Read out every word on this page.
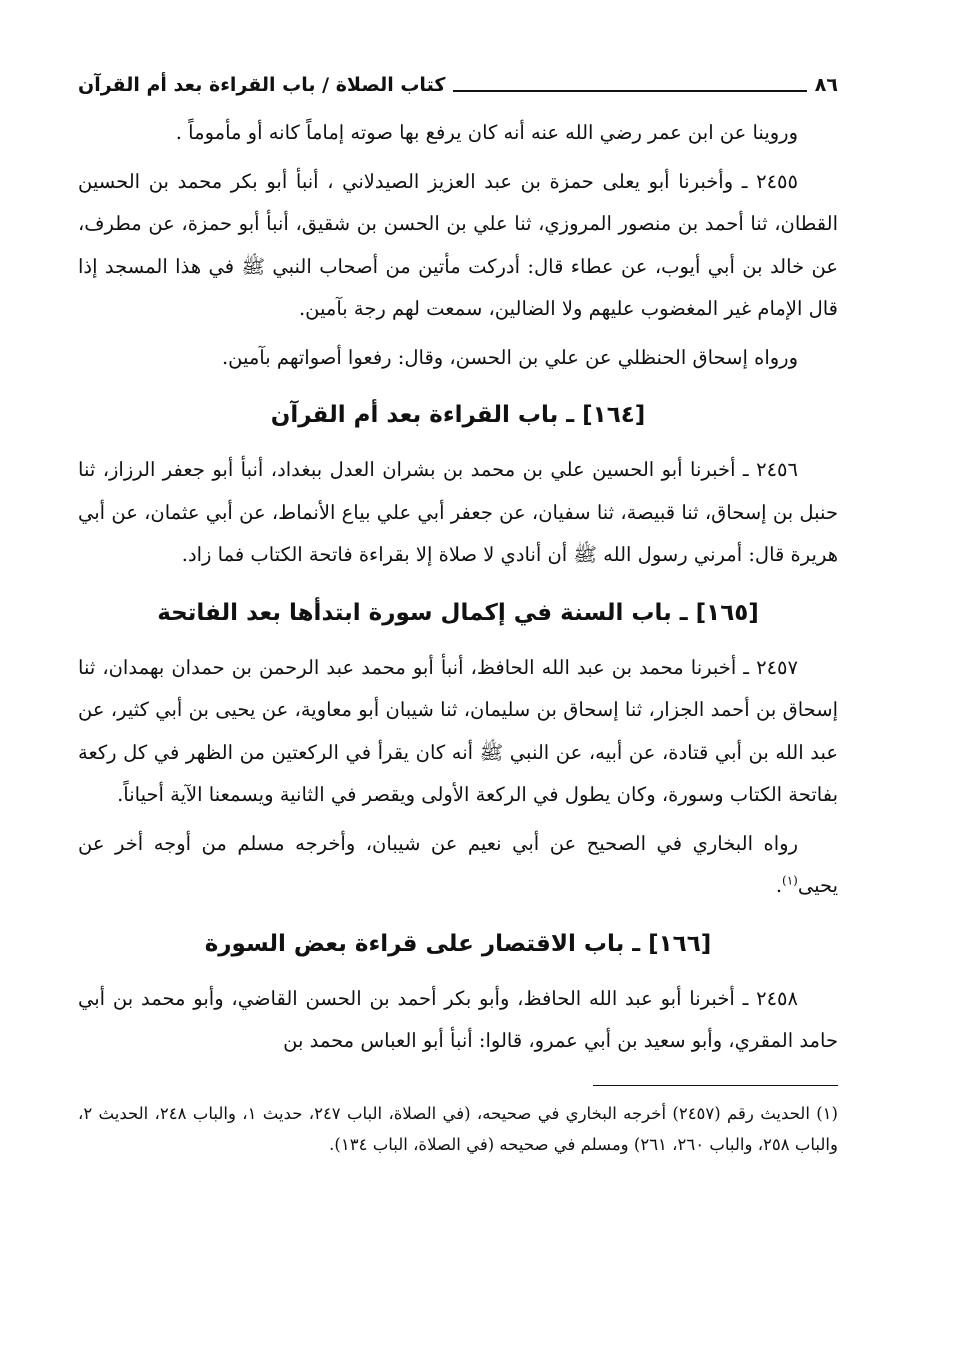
٨٦
كتاب الصلاة / باب القراءة بعد أم القرآن

وروينا عن ابن عمر رضي الله عنه أنه كان يرفع بها صوته إماماً كانه أو مأموماً .

٢٤٥٥ ـ وأخبرنا أبو يعلى حمزة بن عبد العزيز الصيدلاني ، أنبأ أبو بكر محمد بن الحسين القطان، ثنا أحمد بن منصور المروزي، ثنا علي بن الحسن بن شقيق، أنبأ أبو حمزة، عن مطرف، عن خالد بن أبي أيوب، عن عطاء قال: أدركت مأتين من أصحاب النبي ﷺ في هذا المسجد إذا قال الإمام غير المغضوب عليهم ولا الضالين، سمعت لهم رجة بآمين.

ورواه إسحاق الحنظلي عن علي بن الحسن، وقال: رفعوا أصواتهم بآمين.

[١٦٤] ـ باب القراءة بعد أم القرآن

٢٤٥٦ ـ أخبرنا أبو الحسين علي بن محمد بن بشران العدل ببغداد، أنبأ أبو جعفر الرزاز، ثنا حنبل بن إسحاق، ثنا قبيصة، ثنا سفيان، عن جعفر أبي علي بياع الأنماط، عن أبي عثمان، عن أبي هريرة قال: أمرني رسول الله ﷺ أن أنادي لا صلاة إلا بقراءة فاتحة الكتاب فما زاد.

[١٦٥] ـ باب السنة في إكمال سورة ابتدأها بعد الفاتحة

٢٤٥٧ ـ أخبرنا محمد بن عبد الله الحافظ، أنبأ أبو محمد عبد الرحمن بن حمدان بهمدان، ثنا إسحاق بن أحمد الجزار، ثنا إسحاق بن سليمان، ثنا شيبان أبو معاوية، عن يحيى بن أبي كثير، عن عبد الله بن أبي قتادة، عن أبيه، عن النبي ﷺ أنه كان يقرأ في الركعتين من الظهر في كل ركعة بفاتحة الكتاب وسورة، وكان يطول في الركعة الأولى ويقصر في الثانية ويسمعنا الآية أحياناً.

رواه البخاري في الصحيح عن أبي نعيم عن شيبان، وأخرجه مسلم من أوجه أخر عن يحيى$^{(١)}$.

[١٦٦] ـ باب الاقتصار على قراءة بعض السورة

٢٤٥٨ ـ أخبرنا أبو عبد الله الحافظ، وأبو بكر أحمد بن الحسن القاضي، وأبو محمد بن أبي حامد المقري، وأبو سعيد بن أبي عمرو، قالوا: أنبأ أبو العباس محمد بن

(١) الحديث رقم (٢٤٥٧) أخرجه البخاري في صحيحه، (في الصلاة، الباب ٢٤٧، حديث ١، والباب ٢٤٨، الحديث ٢، والباب ٢٥٨، والباب ٢٦٠، ٢٦١) ومسلم في صحيحه (في الصلاة، الباب ١٣٤).
